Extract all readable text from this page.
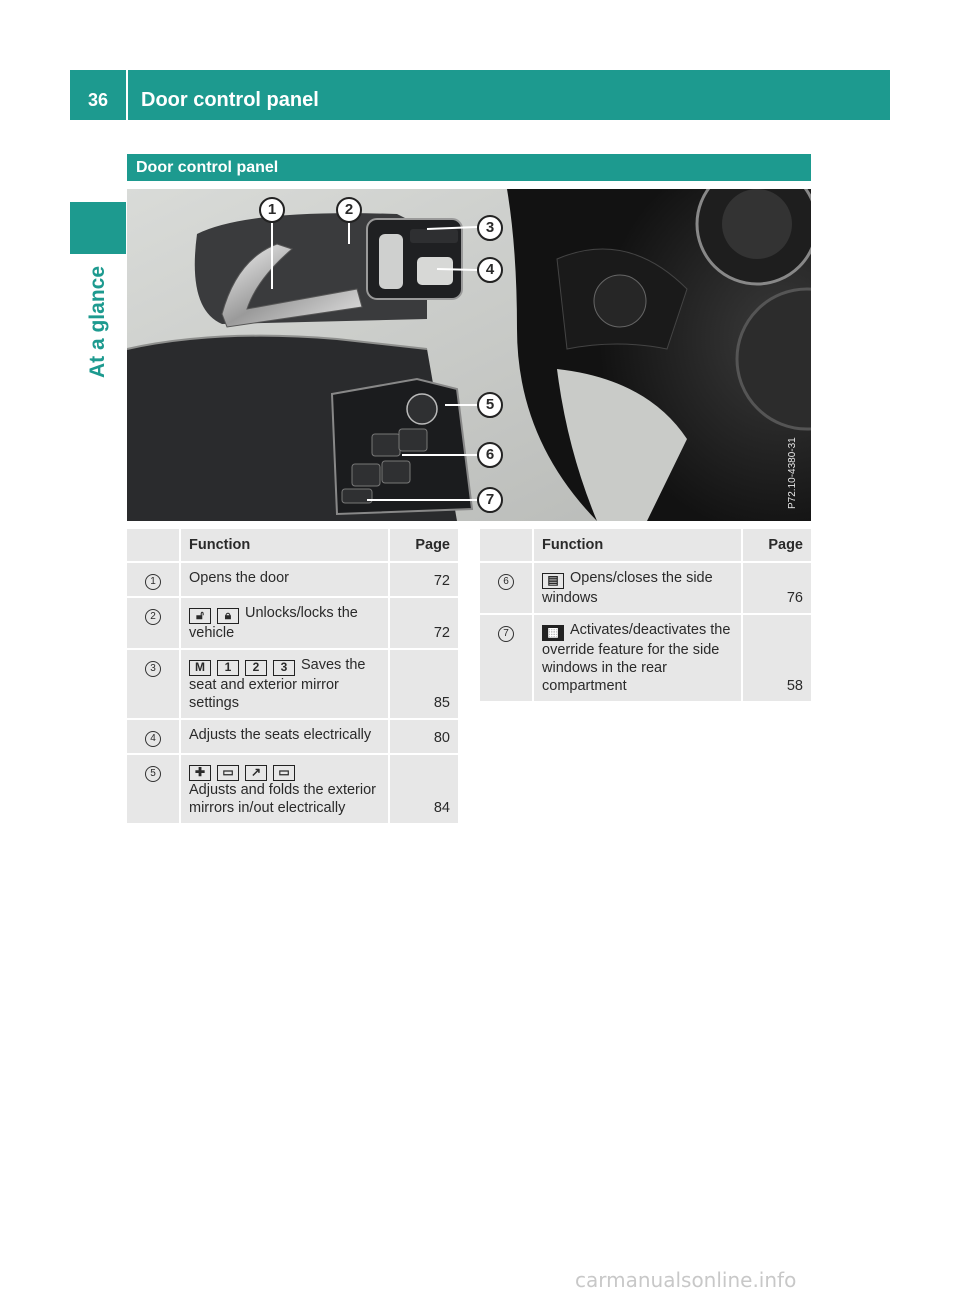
36	Door control panel
At a glance
Door control panel
1	2
3
4
5
6
7	P72.10-4380-31
	Function	Page
1	Opens the door	72
2	🔓︎ 🔒︎ Unlocks/locks the vehicle	72
3	M 1 2 3 Saves the seat and exterior mirror settings	85
4	Adjusts the seats electrically	80
5	✚ ▭ ↗ ▭
Adjusts and folds the exterior mirrors in/out electrically	84
	Function	Page
6	▤ Opens/closes the side windows	76
7	▦ Activates/deactivates the override feature for the side windows in the rear compartment	58
carmanualsonline.info
